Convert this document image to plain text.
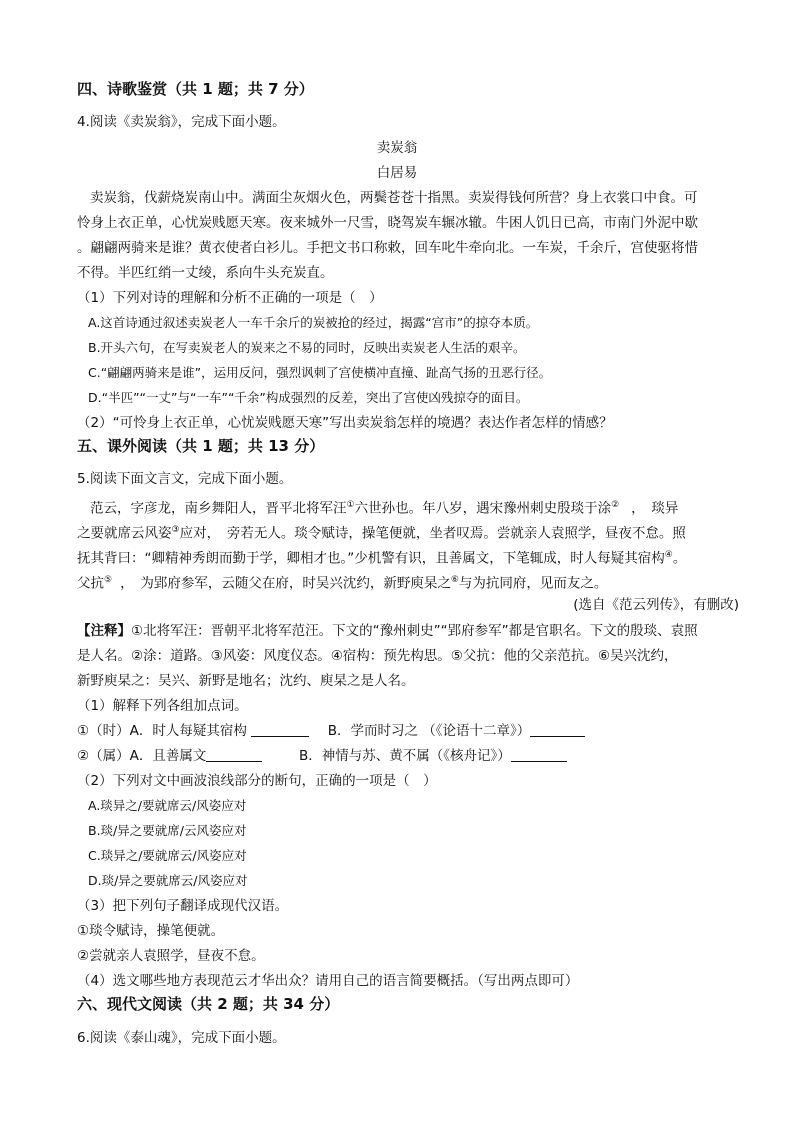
四、诗歌鉴赏（共 1 题；共 7 分）
4.阅读《卖炭翁》，完成下面小题。
卖炭翁
白居易
卖炭翁，伐薪烧炭南山中。满面尘灰烟火色，两鬓苍苍十指黑。卖炭得钱何所营？身上衣裳口中食。可
怜身上衣正单，心忧炭贱愿天寒。夜来城外一尺雪，晓驾炭车辗冰辙。牛困人饥日已高，市南门外泥中歇
。翩翩两骑来是谁？黄衣使者白衫儿。手把文书口称敕，回车叱牛牵向北。一车炭，千余斤，宫使驱将惜
不得。半匹红绡一丈绫，系向牛头充炭直。
（1）下列对诗的理解和分析不正确的一项是（　）
A.这首诗通过叙述卖炭老人一车千余斤的炭被抢的经过，揭露“宫市”的掠夺本质。
B.开头六句，在写卖炭老人的炭来之不易的同时，反映出卖炭老人生活的艰辛。
C.“翩翩两骑来是谁”，运用反问，强烈讽刺了宫使横冲直撞、趾高气扬的丑恶行径。
D.“半匹”“一丈”与“一车”“千余”构成强烈的反差，突出了宫使凶残掠夺的面目。
（2）“可怜身上衣正单，心忧炭贱愿天寒”写出卖炭翁怎样的境遇？表达作者怎样的情感？
五、课外阅读（共 1 题；共 13 分）
5.阅读下面文言文，完成下面小题。
范云，字彦龙，南乡舞阳人，晋平北将军汪①六世孙也。年八岁，遇宋豫州刺史殷琰于涂② ，　琰异
之要就席云风姿③应对，　旁若无人。琰令赋诗，操笔便就，坐者叹焉。尝就亲人袁照学，昼夜不怠。照
抚其背曰：“卿精神秀朗而勤于学，卿相才也。”少机警有识，且善属文，下笔辄成，时人每疑其宿构④。
父抗⑤ ，　为郢府参军，云随父在府，时吴兴沈约，新野庾杲之⑥与为抗同府，见而友之。
(选自《范云列传》，有删改)
【注释】①北将军汪：晋朝平北将军范汪。下文的“豫州刺史”“郢府参军”都是官职名。下文的殷琰、袁照
是人名。②涂：道路。③风姿：风度仪态。④宿构：预先构思。⑤父抗：他的父亲范抗。⑥吴兴沈约，
新野庾杲之：吴兴、新野是地名；沈约、庾杲之是人名。
（1）解释下列各组加点词。
①（时）A．时人每疑其宿构	B．学而时习之 （《论语十二章》）
②（属）A．且善属文	B．神情与苏、黄不属（《核舟记》）
（2）下列对文中画波浪线部分的断句，正确的一项是（　）
A.琰异之/要就席云/风姿应对
B.琰/异之要就席/云风姿应对
C.琰异之/要就席云/风姿应对
D.琰/异之要就席云/风姿应对
（3）把下列句子翻译成现代汉语。
①琰令赋诗，操笔便就。
②尝就亲人袁照学，昼夜不怠。
（4）选文哪些地方表现范云才华出众？请用自己的语言简要概括。（写出两点即可）
六、现代文阅读（共 2 题；共 34 分）
6.阅读《泰山魂》，完成下面小题。
